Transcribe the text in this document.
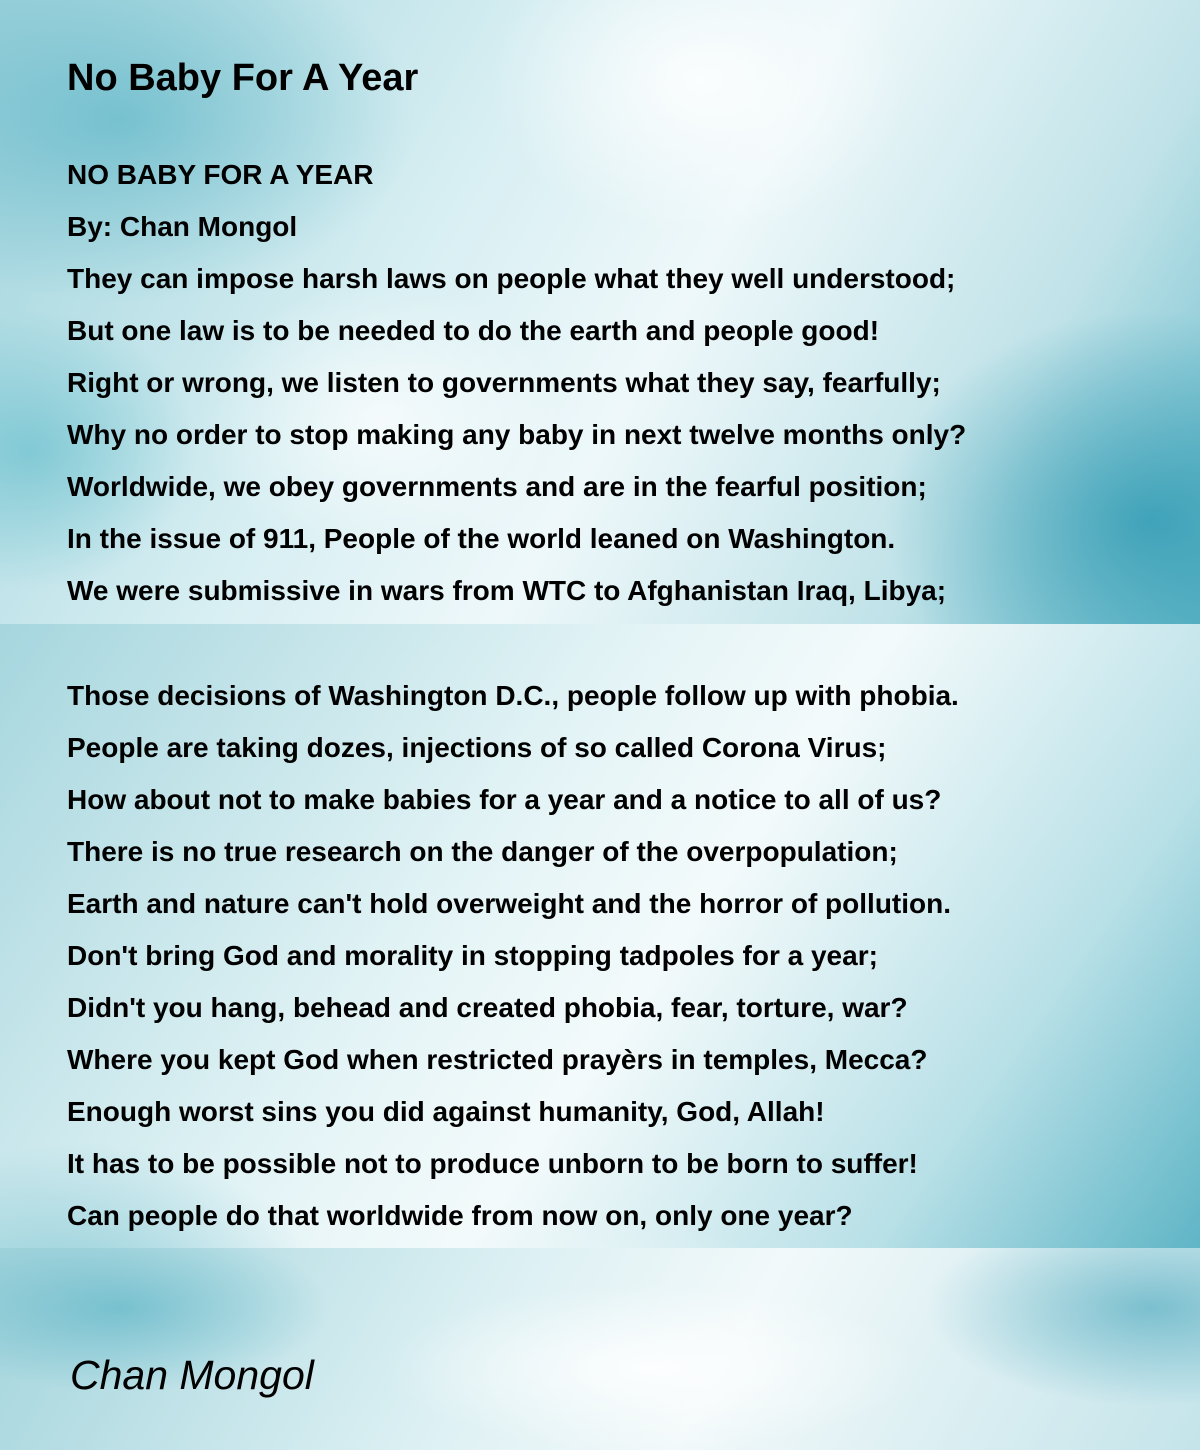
No Baby For A Year
NO BABY FOR A YEAR
By: Chan Mongol
They can impose harsh laws on people what they well understood;
But one law is to be needed to do the earth and people good!
Right or wrong, we listen to governments what they say, fearfully;
Why no order to stop making any baby in next twelve months only?
Worldwide, we obey governments and are in the fearful position;
In the issue of 911, People of the world leaned on Washington.
We were submissive in wars from WTC to Afghanistan Iraq, Libya;
Those decisions of Washington D.C., people follow up with phobia.
People are taking dozes, injections of so called Corona Virus;
How about not to make babies for a year and a notice to all of us?
There is no true research on the danger of the overpopulation;
Earth and nature can't hold overweight and the horror of pollution.
Don't bring God and morality in stopping tadpoles for a year;
Didn't you hang, behead and created phobia, fear, torture, war?
Where you kept God when restricted prayèrs in temples, Mecca?
Enough worst sins you did against humanity, God, Allah!
It has to be possible not to produce unborn to be born to suffer!
Can people do that worldwide from now on, only one year?
Chan Mongol
